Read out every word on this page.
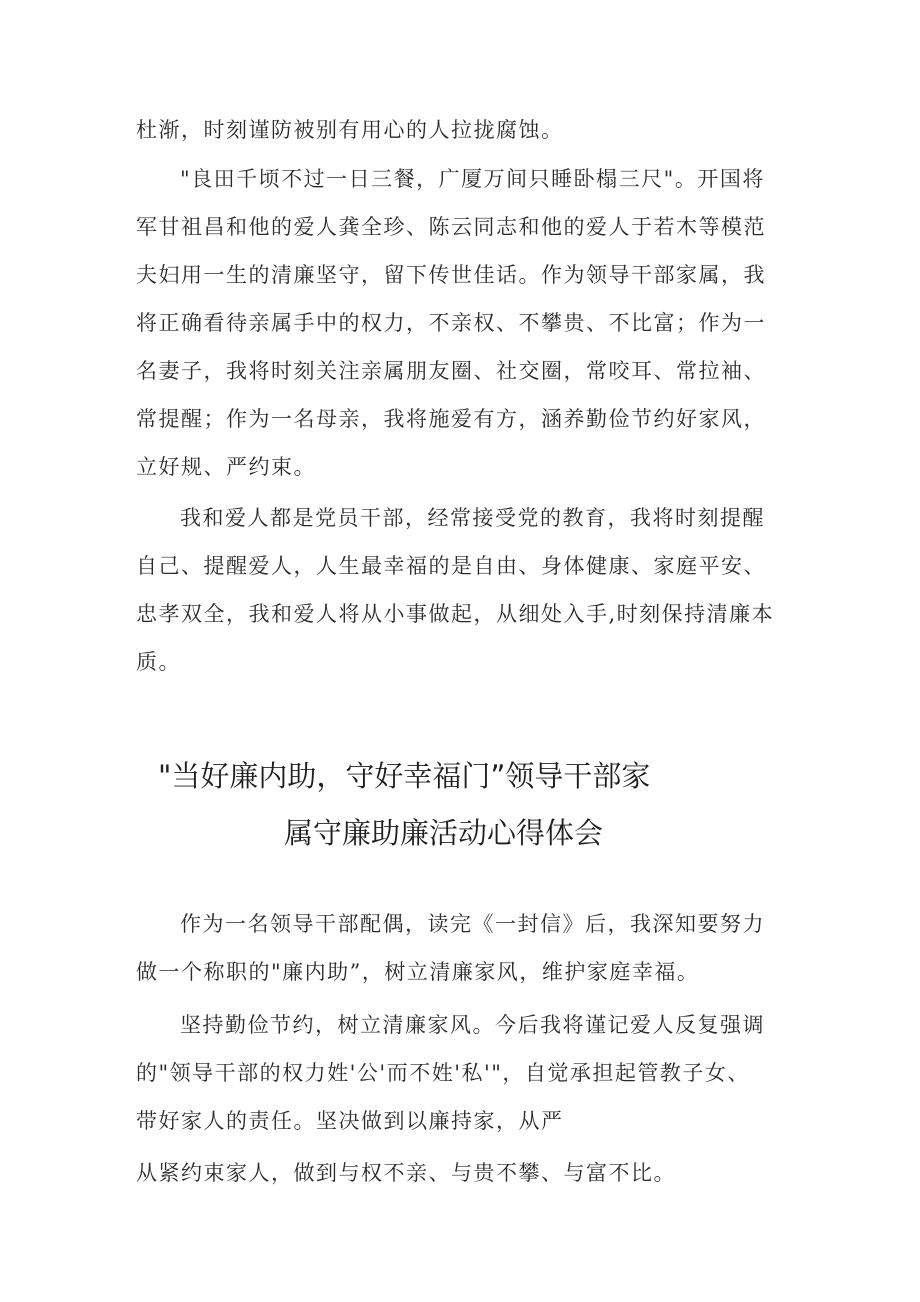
杜渐，时刻谨防被别有用心的人拉拢腐蚀。

"良田千顷不过一日三餐，广厦万间只睡卧榻三尺"。开国将
军甘祖昌和他的爱人龚全珍、陈云同志和他的爱人于若木等模范
夫妇用一生的清廉坚守，留下传世佳话。作为领导干部家属，我
将正确看待亲属手中的权力，不亲权、不攀贵、不比富；作为一
名妻子，我将时刻关注亲属朋友圈、社交圈，常咬耳、常拉袖、
常提醒；作为一名母亲，我将施爱有方，涵养勤俭节约好家风，
立好规、严约束。

我和爱人都是党员干部，经常接受党的教育，我将时刻提醒
自己、提醒爱人，人生最幸福的是自由、身体健康、家庭平安、
忠孝双全，我和爱人将从小事做起，从细处入手,时刻保持清廉本
质。

"当好廉内助，守好幸福门”领导干部家
属守廉助廉活动心得体会

作为一名领导干部配偶，读完《一封信》后，我深知要努力
做一个称职的"廉内助”，树立清廉家风，维护家庭幸福。

坚持勤俭节约，树立清廉家风。今后我将谨记爱人反复强调
的"领导干部的权力姓'公'而不姓'私'"，自觉承担起管教子女、
带好家人的责任。坚决做到以廉持家，从严

从紧约束家人，做到与权不亲、与贵不攀、与富不比。
